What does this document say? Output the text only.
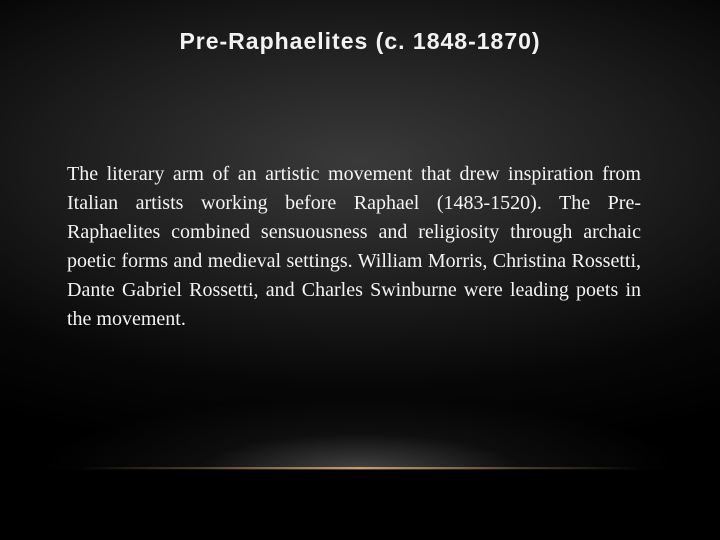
Pre-Raphaelites (c. 1848-1870)

The literary arm of an artistic movement that drew inspiration from Italian artists working before Raphael (1483-1520). The Pre-Raphaelites combined sensuousness and religiosity through archaic poetic forms and medieval settings. William Morris, Christina Rossetti, Dante Gabriel Rossetti, and Charles Swinburne were leading poets in the movement.
